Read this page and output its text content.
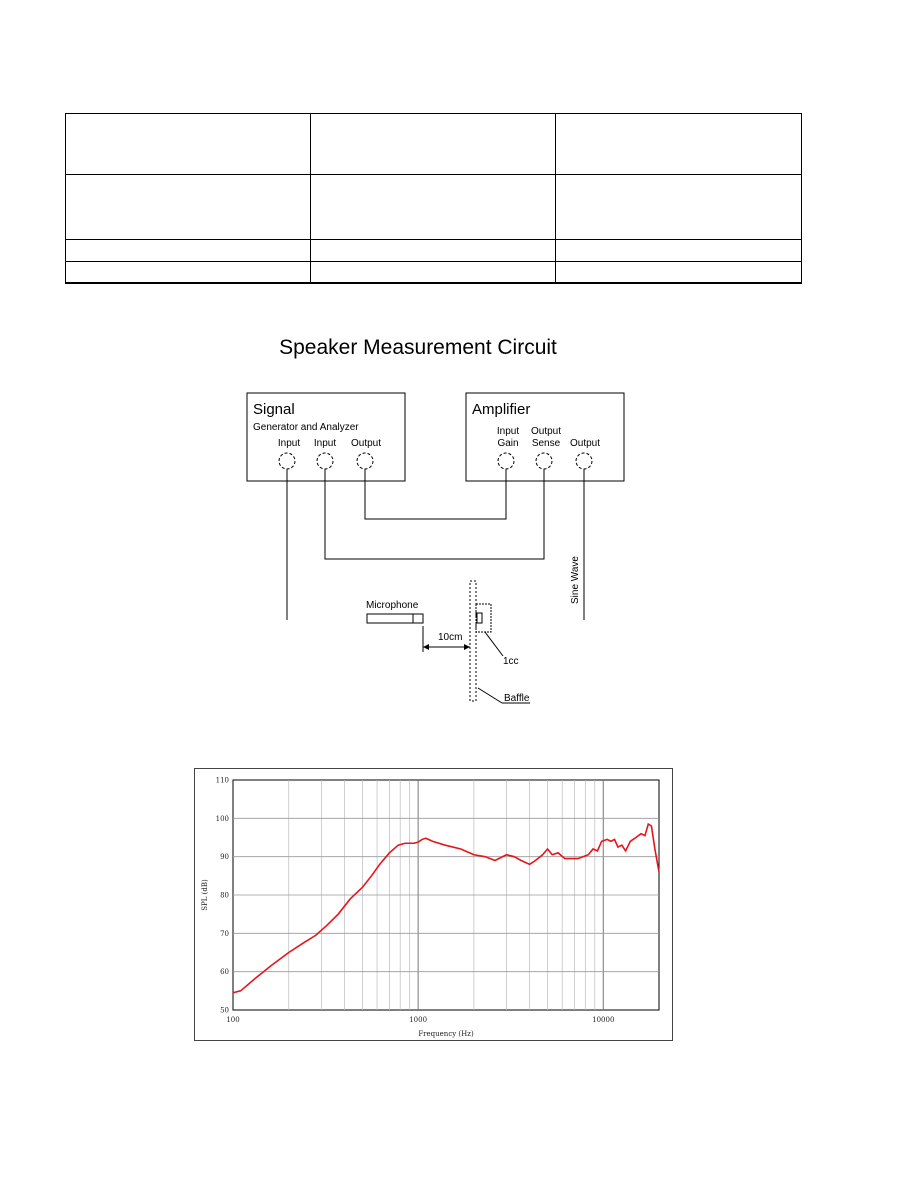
Speaker Measurement Circuit
Signal
Generator and Analyzer
Input Input Output
Amplifier
Input
Gain
Output
Sense Output
Sine Wave
Microphone
10cm
1cc
Baffle
50
60
70
80
90
100
110
100	1000	10000
Frequency (Hz)
SPL (dB)
